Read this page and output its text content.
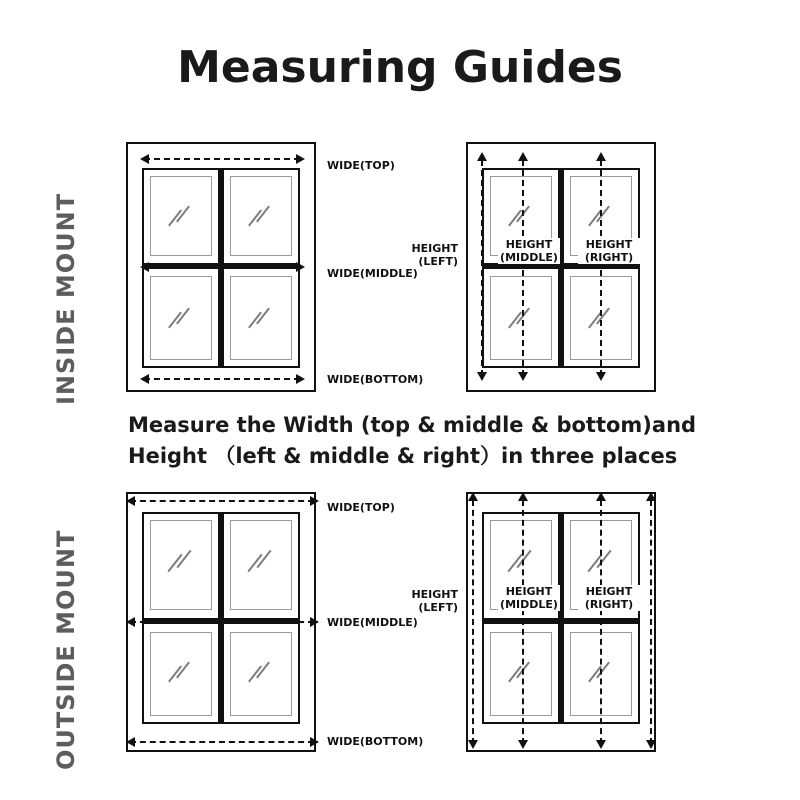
Measuring Guides
INSIDE MOUNT
OUTSIDE MOUNT
WIDE(TOP)
WIDE(MIDDLE)
WIDE(BOTTOM)
HEIGHT
(LEFT)
HEIGHT
(MIDDLE)
HEIGHT
(RIGHT)
Measure the Width (top & middle & bottom)and
Height （left & middle & right）in three places
WIDE(TOP)
WIDE(MIDDLE)
WIDE(BOTTOM)
HEIGHT
(LEFT)
HEIGHT
(MIDDLE)
HEIGHT
(RIGHT)
